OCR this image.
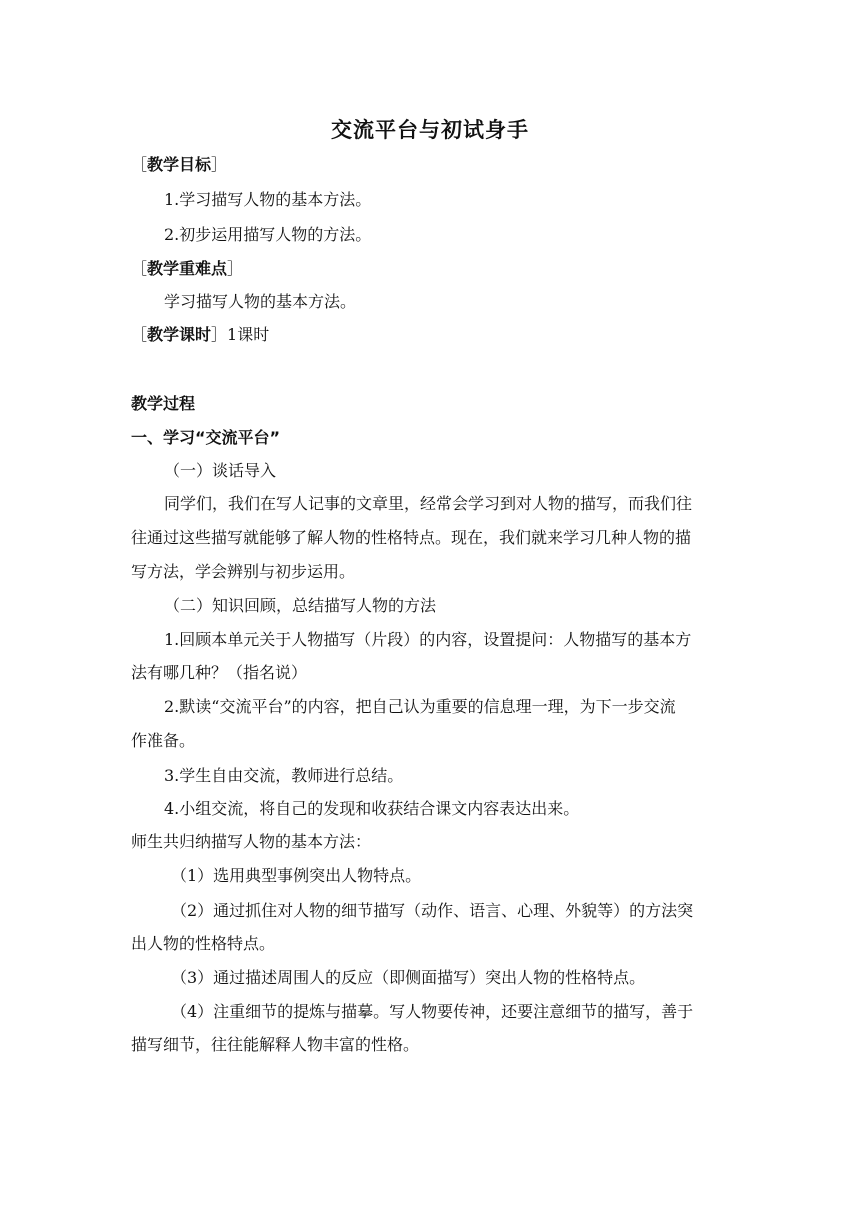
交流平台与初试身手
［教学目标］
1.学习描写人物的基本方法。
2.初步运用描写人物的方法。
［教学重难点］
学习描写人物的基本方法。
［教学课时］1课时
教学过程
一、学习“交流平台”
（一）谈话导入
同学们，我们在写人记事的文章里，经常会学习到对人物的描写，而我们往
往通过这些描写就能够了解人物的性格特点。现在，我们就来学习几种人物的描
写方法，学会辨别与初步运用。
（二）知识回顾，总结描写人物的方法
1.回顾本单元关于人物描写（片段）的内容，设置提问：人物描写的基本方
法有哪几种？（指名说）
2.默读“交流平台”的内容，把自己认为重要的信息理一理，为下一步交流
作准备。
3.学生自由交流，教师进行总结。
4.小组交流，将自己的发现和收获结合课文内容表达出来。
师生共归纳描写人物的基本方法：
（1）选用典型事例突出人物特点。
（2）通过抓住对人物的细节描写（动作、语言、心理、外貌等）的方法突
出人物的性格特点。
（3）通过描述周围人的反应（即侧面描写）突出人物的性格特点。
（4）注重细节的提炼与描摹。写人物要传神，还要注意细节的描写，善于
描写细节，往往能解释人物丰富的性格。
